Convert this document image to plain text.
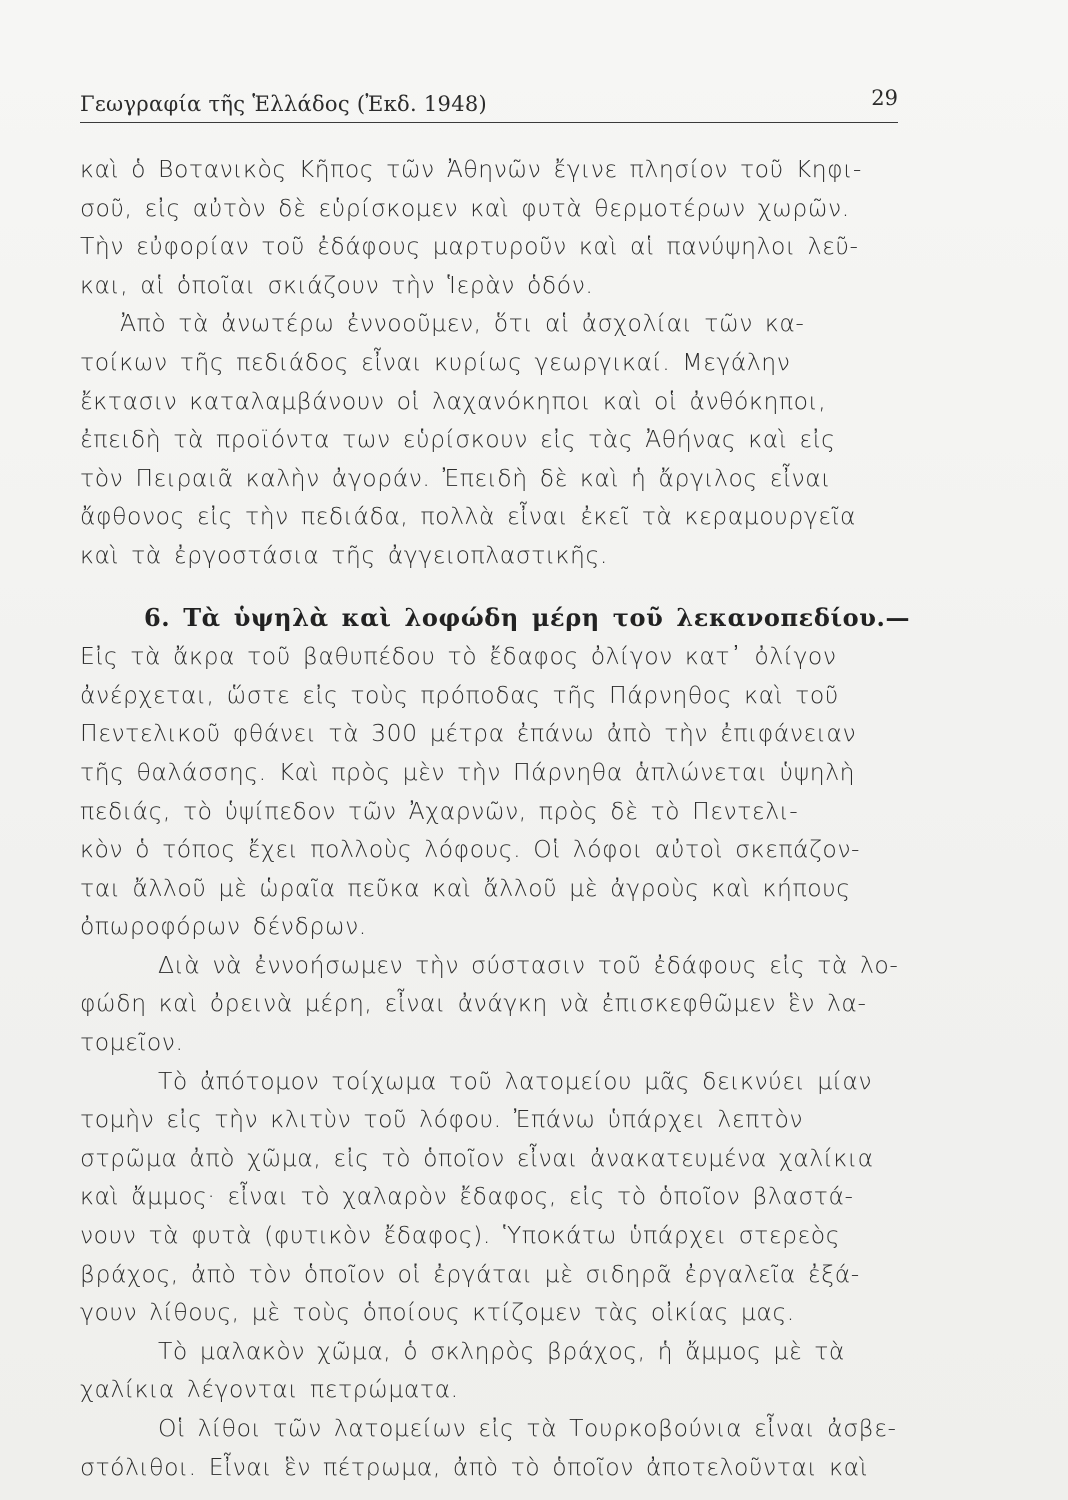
Γεωγραφία τῆς Ἑλλάδος (Ἐκδ. 1948)	29
καὶ ὁ Βοτανικὸς Κῆπος τῶν Ἀθηνῶν ἔγινε πλησίον τοῦ Κηφι-
σοῦ, εἰς αὐτὸν δὲ εὑρίσκομεν καὶ φυτὰ θερμοτέρων χωρῶν.
Τὴν εὐφορίαν τοῦ ἐδάφους μαρτυροῦν καὶ αἱ πανύψηλοι λεῦ-
και, αἱ ὁποῖαι σκιάζουν τὴν Ἱερὰν ὁδόν.
Ἀπὸ τὰ ἀνωτέρω ἐννοοῦμεν, ὅτι αἱ ἀσχολίαι τῶν κα-
τοίκων τῆς πεδιάδος εἶναι κυρίως γεωργικαί. Μεγάλην
ἔκτασιν καταλαμβάνουν οἱ λαχανόκηποι καὶ οἱ ἀνθόκηποι,
ἐπειδὴ τὰ προϊόντα των εὑρίσκουν εἰς τὰς Ἀθήνας καὶ εἰς
τὸν Πειραιᾶ καλὴν ἀγοράν. Ἐπειδὴ δὲ καὶ ἡ ἄργιλος εἶναι
ἄφθονος εἰς τὴν πεδιάδα, πολλὰ εἶναι ἐκεῖ τὰ κεραμουργεῖα
καὶ τὰ ἐργοστάσια τῆς ἀγγειοπλαστικῆς.
6. Τὰ ὑψηλὰ καὶ λοφώδη μέρη τοῦ λεκανοπεδίου.—
Εἰς τὰ ἄκρα τοῦ βαθυπέδου τὸ ἔδαφος ὀλίγον κατ᾿ ὀλίγον
ἀνέρχεται, ὥστε εἰς τοὺς πρόποδας τῆς Πάρνηθος καὶ τοῦ
Πεντελικοῦ φθάνει τὰ 300 μέτρα ἐπάνω ἀπὸ τὴν ἐπιφάνειαν
τῆς θαλάσσης. Καὶ πρὸς μὲν τὴν Πάρνηθα ἁπλώνεται ὑψηλὴ
πεδιάς, τὸ ὑψίπεδον τῶν Ἀχαρνῶν, πρὸς δὲ τὸ Πεντελι-
κὸν ὁ τόπος ἔχει πολλοὺς λόφους. Οἱ λόφοι αὐτοὶ σκεπάζον-
ται ἄλλοῦ μὲ ὡραῖα πεῦκα καὶ ἄλλοῦ μὲ ἀγροὺς καὶ κήπους
ὀπωροφόρων δένδρων.
Διὰ νὰ ἐννοήσωμεν τὴν σύστασιν τοῦ ἐδάφους εἰς τὰ λο-
φώδη καὶ ὀρεινὰ μέρη, εἶναι ἀνάγκη νὰ ἐπισκεφθῶμεν ἓν λα-
τομεῖον.
Τὸ ἀπότομον τοίχωμα τοῦ λατομείου μᾶς δεικνύει μίαν
τομὴν εἰς τὴν κλιτὺν τοῦ λόφου. Ἐπάνω ὑπάρχει λεπτὸν
στρῶμα ἀπὸ χῶμα, εἰς τὸ ὁποῖον εἶναι ἀνακατευμένα χαλίκια
καὶ ἄμμος· εἶναι τὸ χαλαρὸν ἔδαφος, εἰς τὸ ὁποῖον βλαστά-
νουν τὰ φυτὰ (φυτικὸν ἔδαφος). Ὑποκάτω ὑπάρχει στερεὸς
βράχος, ἀπὸ τὸν ὁποῖον οἱ ἐργάται μὲ σιδηρᾶ ἐργαλεῖα ἐξά-
γουν λίθους, μὲ τοὺς ὁποίους κτίζομεν τὰς οἰκίας μας.
Τὸ μαλακὸν χῶμα, ὁ σκληρὸς βράχος, ἡ ἄμμος μὲ τὰ
χαλίκια λέγονται πετρώματα.
Οἱ λίθοι τῶν λατομείων εἰς τὰ Τουρκοβούνια εἶναι ἀσβε-
στόλιθοι. Εἶναι ἓν πέτρωμα, ἀπὸ τὸ ὁποῖον ἀποτελοῦνται καὶ
